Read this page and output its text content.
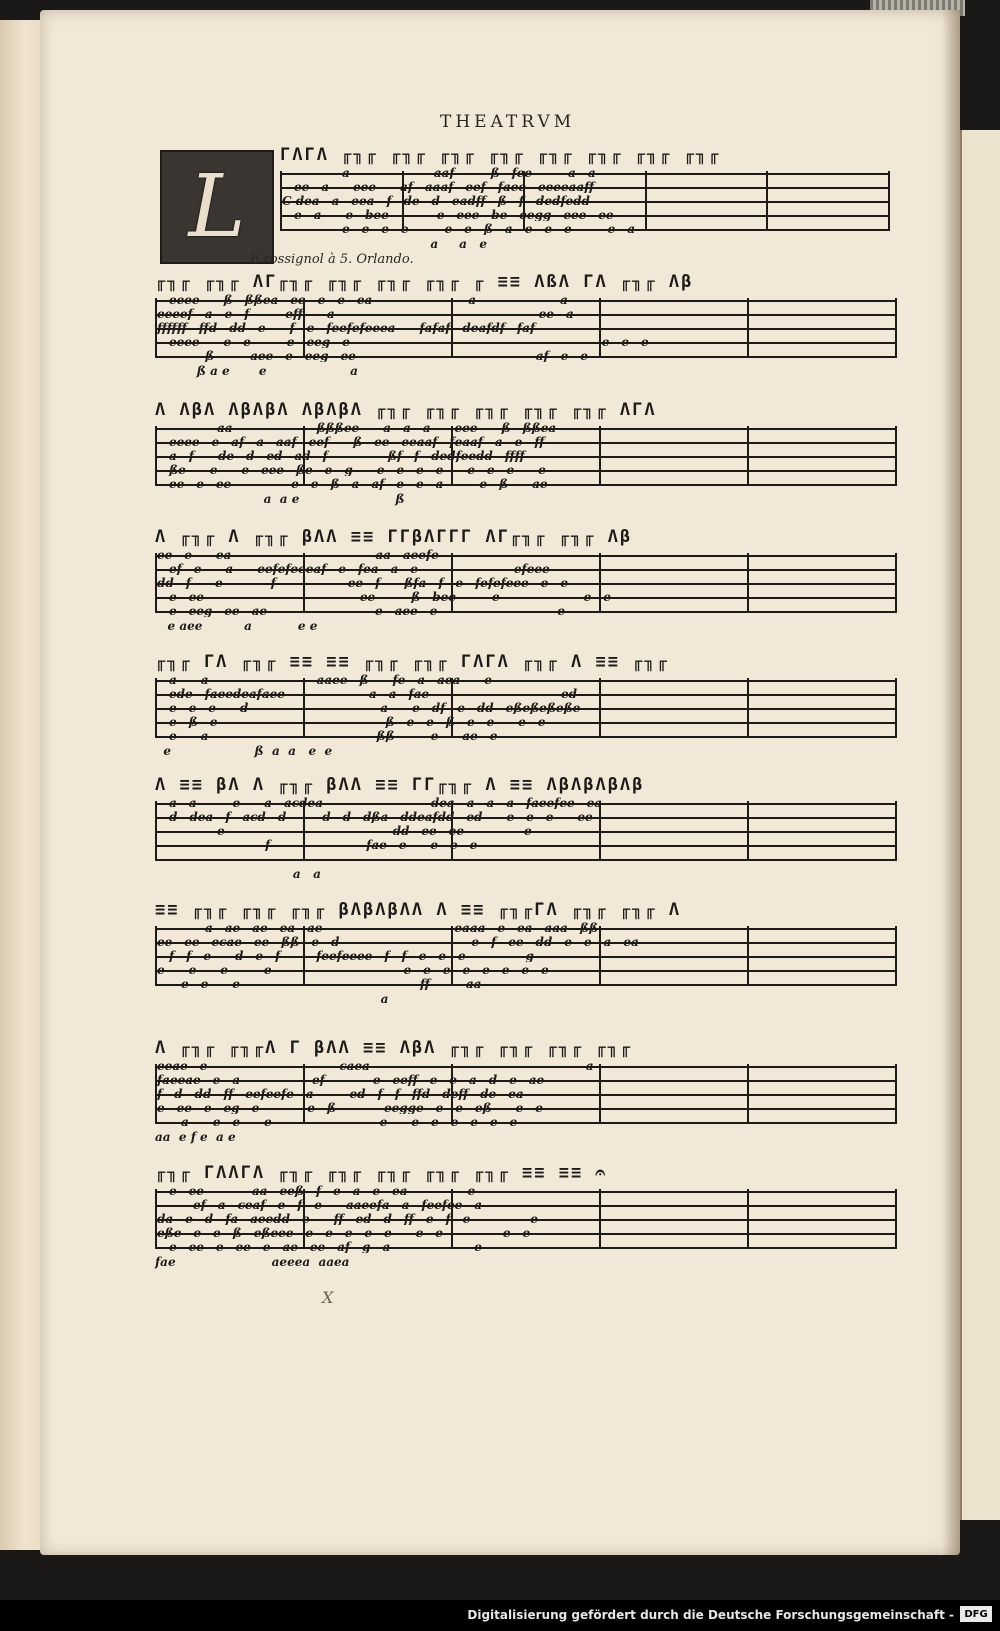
THEATRVM
L
E rossignol à 5. Orlando.
ΓΛΓΛ ╓╖╓ ╓╖╓ ╓╖╓ ╓╖╓ ╓╖╓ ╓╖╓ ╓╖╓ ╓╖╓
—————a———————aaf———ß—fee———a—a—
—ee—a——eee——af—aaaf—eef—faee—eeeeaaff
C dea—a—eea—f—de—d—eadff—ß—f—dedfedd
—e—a——e—bee————e—eee—be—eegg—eee—ee—
—————e—e—e—e———e—e—ß—a—e—e—e———e—a
a     a   e
╓╖╓ ╓╖╓ ΛΓ╓╖╓ ╓╖╓ ╓╖╓ ╓╖╓ ╓ ≡≡ ΛßΛ ΓΛ ╓╖╓ Λβ
—eeee——ß—ßßea—ee—e—e—ea————————a———————a——
eeeef—a—e—f———eff——a—————————————————ee—a
ffffff—ffd—dd—e——f—e—feefefeeea——fafaf—deafdf—faf
—eeee——e—e———e—eeg—e—————————————————————e—e—e—
————ß———aee—e—eeg—ee———————————————af—e—e
ß a e       e                    a
Λ ΛβΛ ΛβΛβΛ ΛβΛβΛ ╓╖╓ ╓╖╓ ╓╖╓ ╓╖╓ ╓╖╓ ΛΓΛ
—————aa———————ßßßee——a—a—a——eee——ß—ßßea
—eeee—e—af—a—aaf—eef——ß—ee—eeaaf—feaaf—a—e—ff
—a—f——de—d—ed—ad—f—————ßf—f—dedfeedd—ffff—
—ße——e——e—eee—ße—e—g——e—e—e—e——e—e—e——e—
—ee—e—ee—————e—e—ß—a—af—e—e—a———e—ß——ae
a  a e                       ß
Λ ╓╖╓ Λ ╓╖╓ βΛΛ ≡≡ ΓΓβΛΓΓΓ ΛΓ╓╖╓ ╓╖╓ Λβ
ee—e——ea————————————aa—aeefe——————————————
—ef—e——a——eefefeeeaf—e—fea—a—e————————efeee
dd—f——e————f——————ee—f——ßfa—f—e—fefefeee—e—e
—e—ee—————————————ee———ß—bee———e———————e—e
—e—eeg—ee—ae—————————e—aee—e——————————e
e aee          a           e e
╓╖╓ ΓΛ ╓╖╓ ≡≡ ≡≡ ╓╖╓ ╓╖╓ ΓΛΓΛ ╓╖╓ Λ ≡≡ ╓╖╓
—a——a—————————aaee—ß——fe—a—aea——e—————————
—ede—faeedeafaee———————a—a—fae———————————ed
—e—e—e——d———————————a——e—df—e—dd—eßeßeßeße—
—e—ß—e——————————————ß—e—e—ß—e—e——e—e—
—e——a——————————————ßß———e——ae—e
e                    ß  a  a   e  e
Λ ≡≡ βΛ Λ ╓╖╓ βΛΛ ≡≡ ΓΓ╓╖╓ Λ ≡≡ ΛβΛβΛβΛβ
—a—a———e——a—acdea—————————dea—a—a—a—faeefee—ea
—d—dea—f—acd—d———d—d—dßa—ddeafdd—ed——e—e—e——ee
—————e——————————————dd—ee—ee—————e———
—————————f————————fae—e——e—e—e—
a   a
≡≡ ╓╖╓ ╓╖╓ ╓╖╓ βΛβΛβΛΛ Λ ≡≡ ╓╖╓ΓΛ ╓╖╓ ╓╖╓ Λ
————a—ae—ae—ea—ae———————————eaaa—e—ea—aaa—ßß
ee—ee—ecae—ee—ßß—e—d———————————e—f—ee—dd—e—e—a—ea
—f—f—e——d—e—f———feefeeee—f—f—e—e—e—————g—
e——e——e———e———————————e—e—e—e—e—e—e—e
——e—e——e———————————————ff———aa—
a
Λ ╓╖╓ ╓╖╓Λ Γ βΛΛ ≡≡ ΛβΛ ╓╖╓ ╓╖╓ ╓╖╓ ╓╖╓
eeae—e———————————caea——————————————————a
faeeae—e—a——————ef————e—eeff—e—e—a—d—e—ae
f—d—dd—ff—eefeefe—a———ed—f—f—ffd—deff—de—ea
e—ee—e—eg—e————e—ß————eegge—e—e—eß——e—e
——a——e—e——e—————————e——e—e—e—e—e—e—
aa  e f e  a e
╓╖╓ ΓΛΛΓΛ ╓╖╓ ╓╖╓ ╓╖╓ ╓╖╓ ╓╖╓ ≡≡ ≡≡ 𝄐
—e—ee————aa—eeß—f—e—a—e—ea—————e
———ef—a—ceaf—e—f—e——aaeefa—a—feefee—a
da—e—d—fa—aeedd—e——ff—ed—d—ff—e—f—e—————e
eße—e—e—ß—eßeee—e—e—e—e—e——e—e—————e—e
—e—ee—e—ee—e—ae—ee—af—g—a———————e
fae                       aeeea  aaea
X
Digitalisierung gefördert durch die Deutsche Forschungsgemeinschaft -	DFG
